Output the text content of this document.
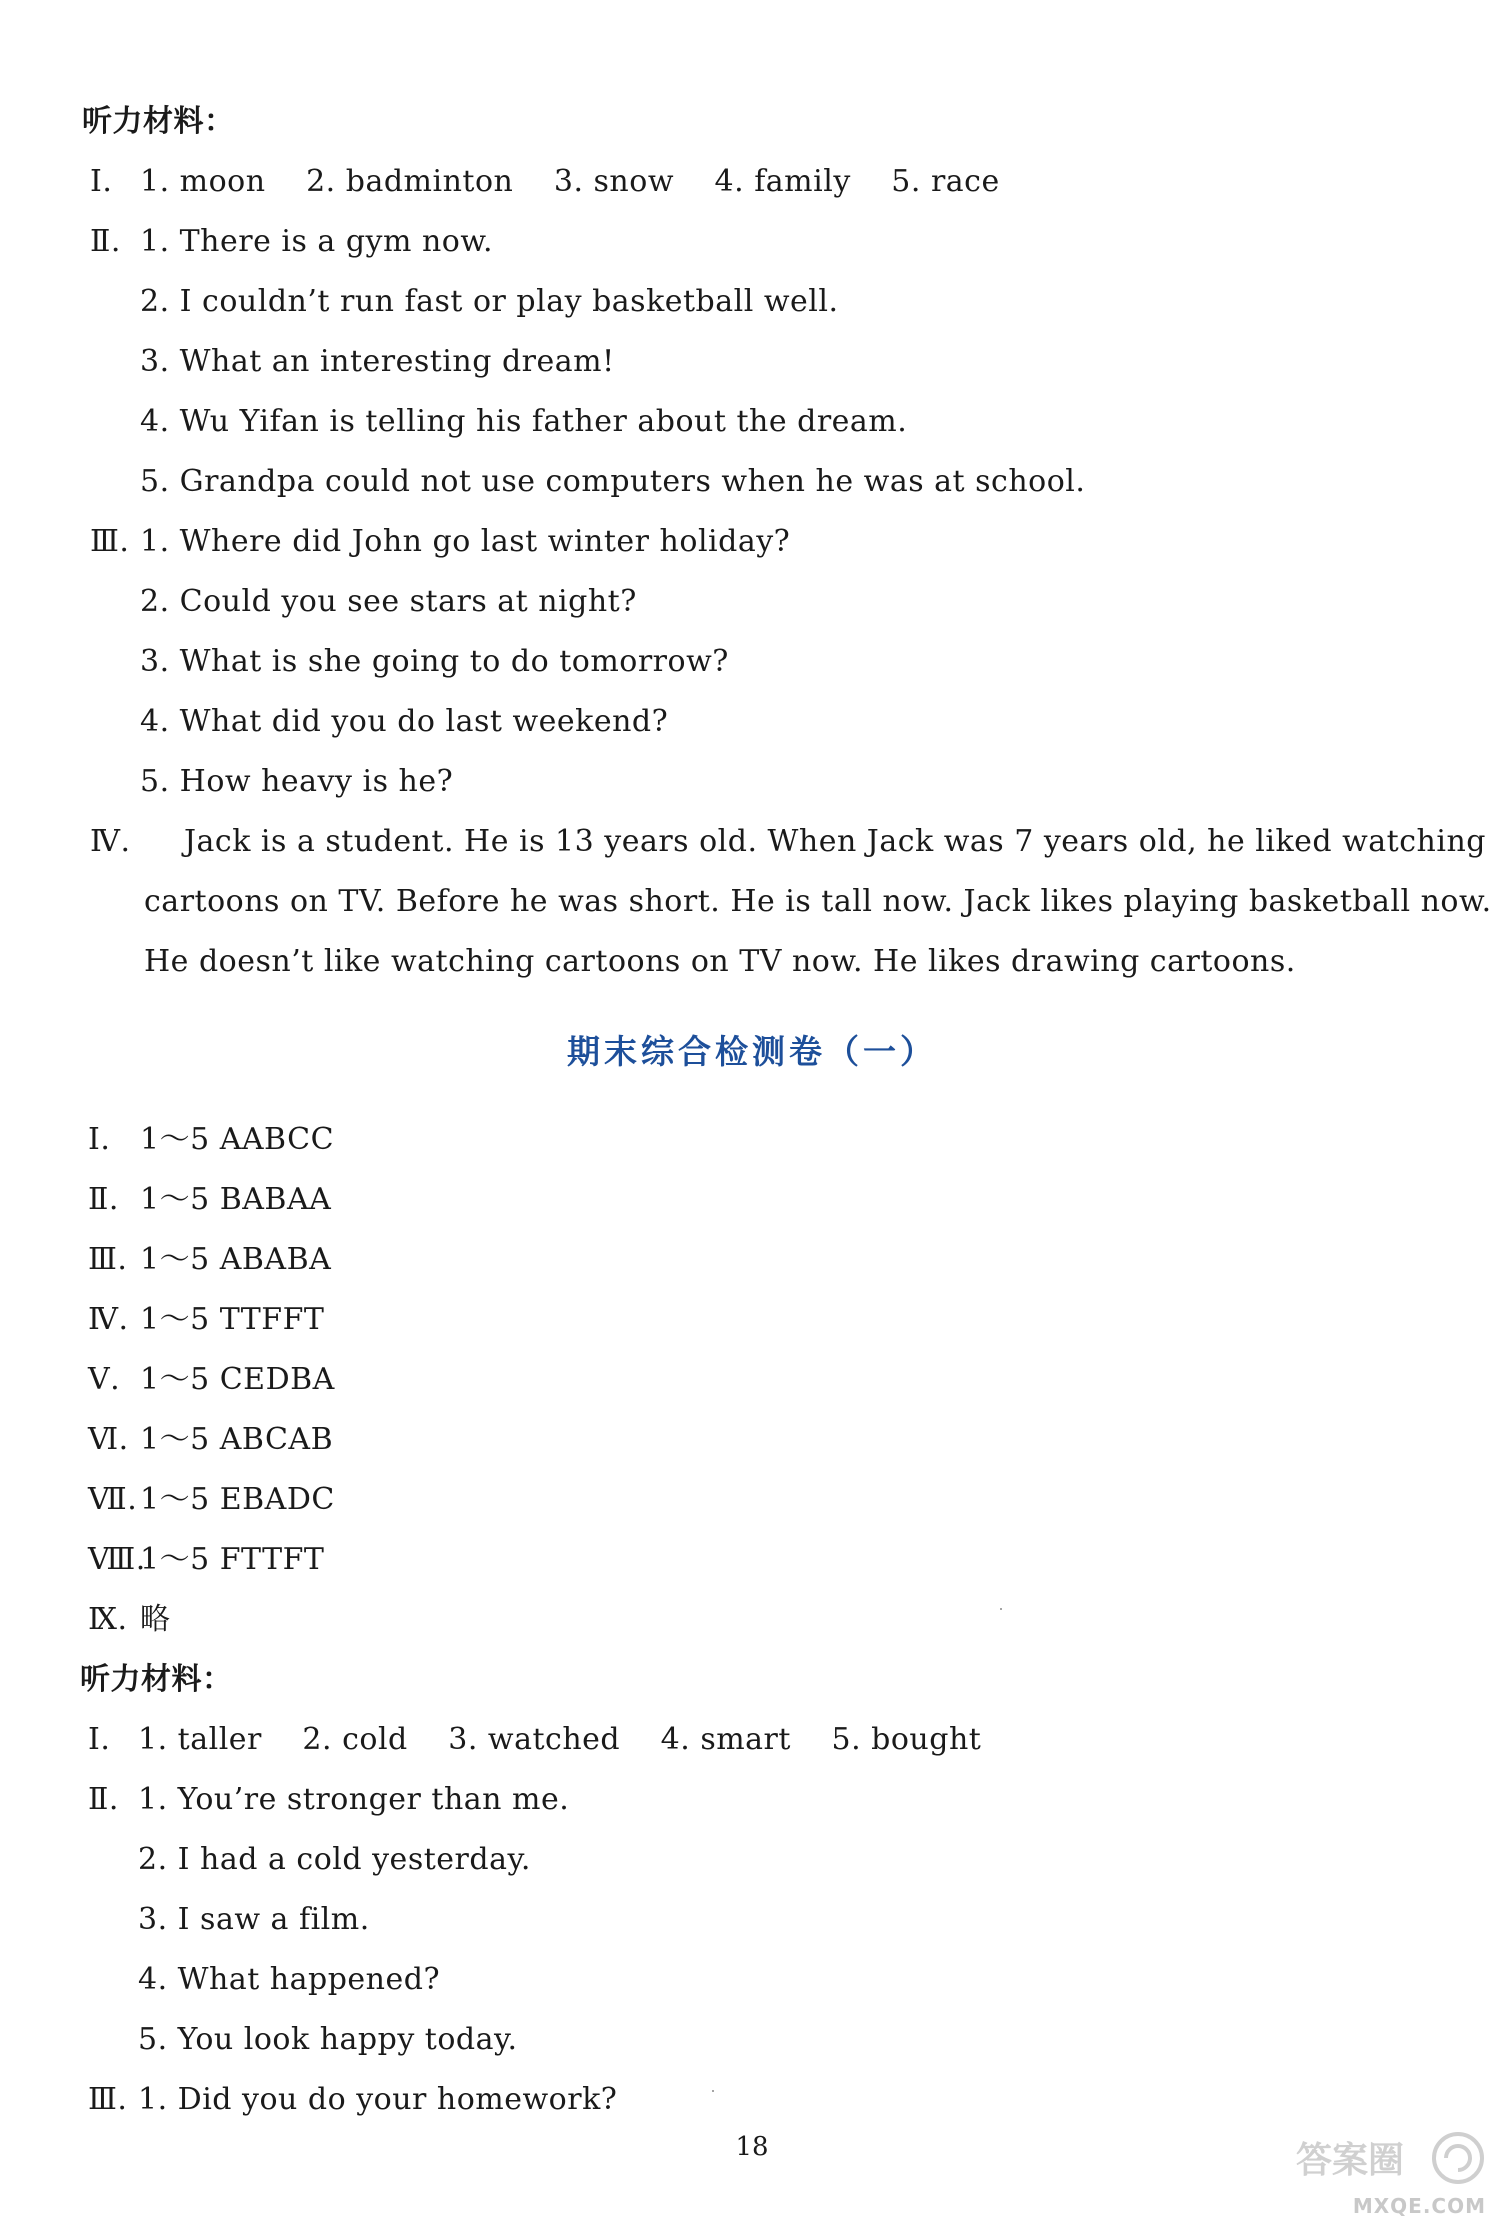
听力材料：
Ⅰ. 1. moon　 2. badminton　 3. snow　 4. family　 5. race
Ⅱ. 1. There is a gym now.
2. I couldn’t run fast or play basketball well.
3. What an interesting dream!
4. Wu Yifan is telling his father about the dream.
5. Grandpa could not use computers when he was at school.
Ⅲ. 1. Where did John go last winter holiday?
2. Could you see stars at night?
3. What is she going to do tomorrow?
4. What did you do last weekend?
5. How heavy is he?
Ⅳ. Jack is a student. He is 13 years old. When Jack was 7 years old, he liked watching
cartoons on TV. Before he was short. He is tall now. Jack likes playing basketball now.
He doesn’t like watching cartoons on TV now. He likes drawing cartoons.
期末综合检测卷（一）
Ⅰ. 1～5 AABCC
Ⅱ. 1～5 BABAA
Ⅲ. 1～5 ABABA
Ⅳ. 1～5 TTFFT
Ⅴ. 1～5 CEDBA
Ⅵ. 1～5 ABCAB
Ⅶ.1～5 EBADC
Ⅷ.1～5 FTTFT
Ⅸ. 略
听力材料：
Ⅰ. 1. taller　 2. cold　 3. watched　 4. smart　 5. bought
Ⅱ. 1. You’re stronger than me.
2. I had a cold yesterday.
3. I saw a film.
4. What happened?
5. You look happy today.
Ⅲ. 1. Did you do your homework?
18	答案圈
MXQE.COM
